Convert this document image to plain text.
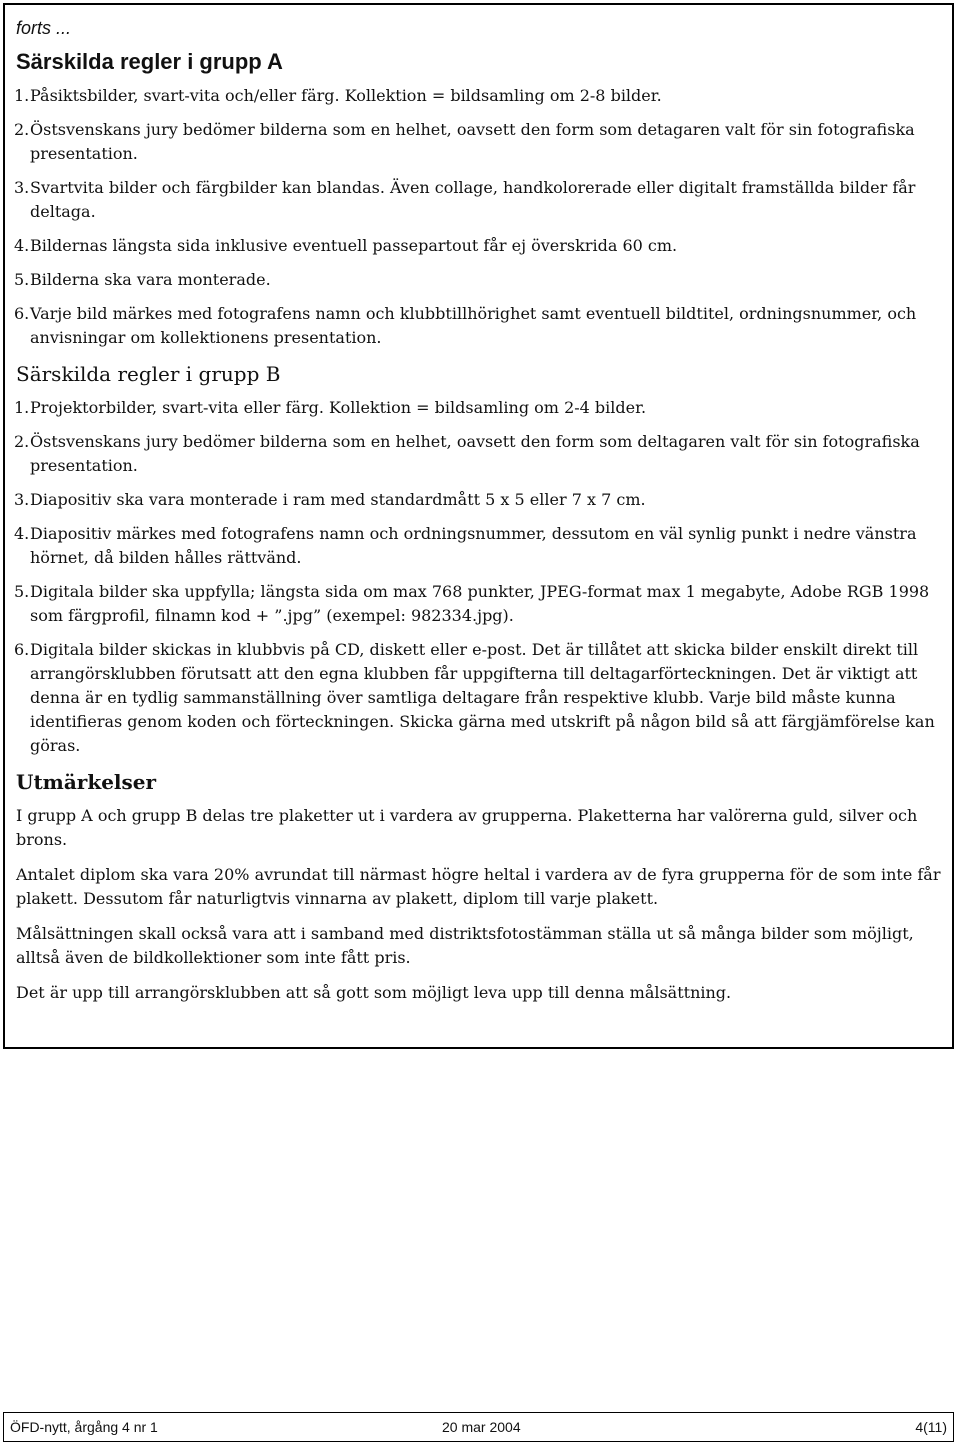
forts ...
Särskilda regler i grupp A
1. Påsiktsbilder, svart-vita och/eller färg. Kollektion = bildsamling om 2-8 bilder.
2. Östsvenskans jury bedömer bilderna som en helhet, oavsett den form som detagaren valt för sin fotografiska presentation.
3. Svartvita bilder och färgbilder kan blandas. Även collage, handkolorerade eller digitalt framställda bilder får deltaga.
4. Bildernas längsta sida inklusive eventuell passepartout får ej överskrida 60 cm.
5. Bilderna ska vara monterade.
6. Varje bild märkes med fotografens namn och klubbtillhörighet samt eventuell bildtitel, ordningsnummer, och anvisningar om kollektionens presentation.
Särskilda regler i grupp B
1. Projektorbilder, svart-vita eller färg. Kollektion = bildsamling om 2-4 bilder.
2. Östsvenskans jury bedömer bilderna som en helhet, oavsett den form som deltagaren valt för sin fotografiska presentation.
3. Diapositiv ska vara monterade i ram med standardmått 5 x 5 eller 7 x 7 cm.
4. Diapositiv märkes med fotografens namn och ordningsnummer, dessutom en väl synlig punkt i nedre vänstra hörnet, då bilden hålles rättvänd.
5. Digitala bilder ska uppfylla; längsta sida om max 768 punkter, JPEG-format max 1 megabyte, Adobe RGB 1998 som färgprofil, filnamn kod + ”.jpg” (exempel: 982334.jpg).
6. Digitala bilder skickas in klubbvis på CD, diskett eller e-post. Det är tillåtet att skicka bilder enskilt direkt till arrangörsklubben förutsatt att den egna klubben får uppgifterna till deltagarförteckningen. Det är viktigt att denna är en tydlig sammanställning över samtliga deltagare från respektive klubb. Varje bild måste kunna identifieras genom koden och förteckningen. Skicka gärna med utskrift på någon bild så att färgjämförelse kan göras.
Utmärkelser

I grupp A och grupp B delas tre plaketter ut i vardera av grupperna. Plaketterna har valörerna guld, silver och brons.

Antalet diplom ska vara 20% avrundat till närmast högre heltal i vardera av de fyra grupperna för de som inte får plakett. Dessutom får naturligtvis vinnarna av plakett, diplom till varje plakett.

Målsättningen skall också vara att i samband med distriktsfotostämman ställa ut så många bilder som möjligt, alltså även de bildkollektioner som inte fått pris.

Det är upp till arrangörsklubben att så gott som möjligt leva upp till denna målsättning.

ÖFD-nytt, årgång 4 nr 1	20 mar 2004	4(11)
